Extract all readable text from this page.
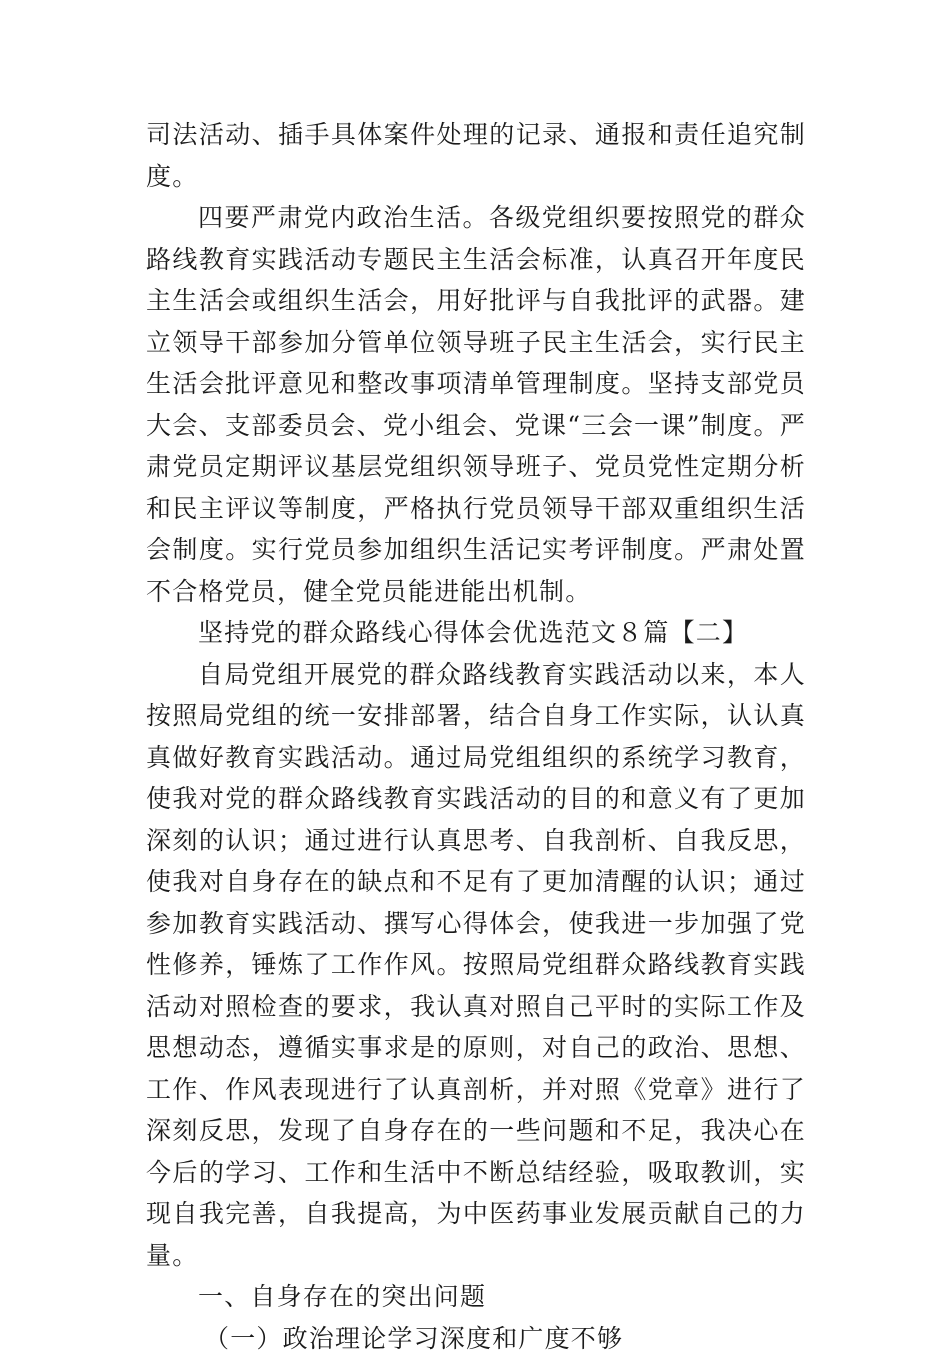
司法活动、插手具体案件处理的记录、通报和责任追究制度。

四要严肃党内政治生活。各级党组织要按照党的群众路线教育实践活动专题民主生活会标准，认真召开年度民主生活会或组织生活会，用好批评与自我批评的武器。建立领导干部参加分管单位领导班子民主生活会，实行民主生活会批评意见和整改事项清单管理制度。坚持支部党员大会、支部委员会、党小组会、党课“三会一课”制度。严肃党员定期评议基层党组织领导班子、党员党性定期分析和民主评议等制度，严格执行党员领导干部双重组织生活会制度。实行党员参加组织生活记实考评制度。严肃处置不合格党员，健全党员能进能出机制。

坚持党的群众路线心得体会优选范文８篇【二】

自局党组开展党的群众路线教育实践活动以来，本人按照局党组的统一安排部署，结合自身工作实际，认认真真做好教育实践活动。通过局党组组织的系统学习教育，使我对党的群众路线教育实践活动的目的和意义有了更加深刻的认识；通过进行认真思考、自我剖析、自我反思，使我对自身存在的缺点和不足有了更加清醒的认识；通过参加教育实践活动、撰写心得体会，使我进一步加强了党性修养，锤炼了工作作风。按照局党组群众路线教育实践活动对照检查的要求，我认真对照自己平时的实际工作及思想动态，遵循实事求是的原则，对自己的政治、思想、工作、作风表现进行了认真剖析，并对照《党章》进行了深刻反思，发现了自身存在的一些问题和不足，我决心在今后的学习、工作和生活中不断总结经验，吸取教训，实现自我完善，自我提高，为中医药事业发展贡献自己的力量。

一、自身存在的突出问题

（一）政治理论学习深度和广度不够
